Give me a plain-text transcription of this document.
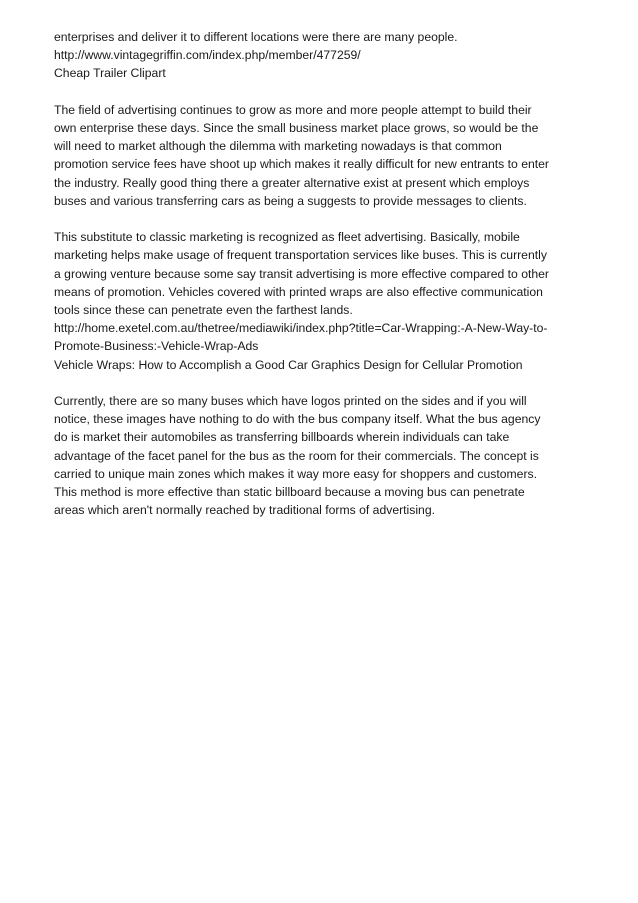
enterprises and deliver it to different locations were there are many people.
http://www.vintagegriffin.com/index.php/member/477259/
Cheap Trailer Clipart
The field of advertising continues to grow as more and more people attempt to build their
own enterprise these days. Since the small business market place grows, so would be the
will need to market although the dilemma with marketing nowadays is that common
promotion service fees have shoot up which makes it really difficult for new entrants to enter
the industry. Really good thing there a greater alternative exist at present which employs
buses and various transferring cars as being a suggests to provide messages to clients.
This substitute to classic marketing is recognized as fleet advertising. Basically, mobile
marketing helps make usage of frequent transportation services like buses. This is currently
a growing venture because some say transit advertising is more effective compared to other
means of promotion. Vehicles covered with printed wraps are also effective communication
tools since these can penetrate even the farthest lands.
http://home.exetel.com.au/thetree/mediawiki/index.php?title=Car-Wrapping:-A-New-Way-to-
Promote-Business:-Vehicle-Wrap-Ads
Vehicle Wraps: How to Accomplish a Good Car Graphics Design for Cellular Promotion
Currently, there are so many buses which have logos printed on the sides and if you will
notice, these images have nothing to do with the bus company itself. What the bus agency
do is market their automobiles as transferring billboards wherein individuals can take
advantage of the facet panel for the bus as the room for their commercials. The concept is
carried to unique main zones which makes it way more easy for shoppers and customers.
This method is more effective than static billboard because a moving bus can penetrate
areas which aren't normally reached by traditional forms of advertising.
